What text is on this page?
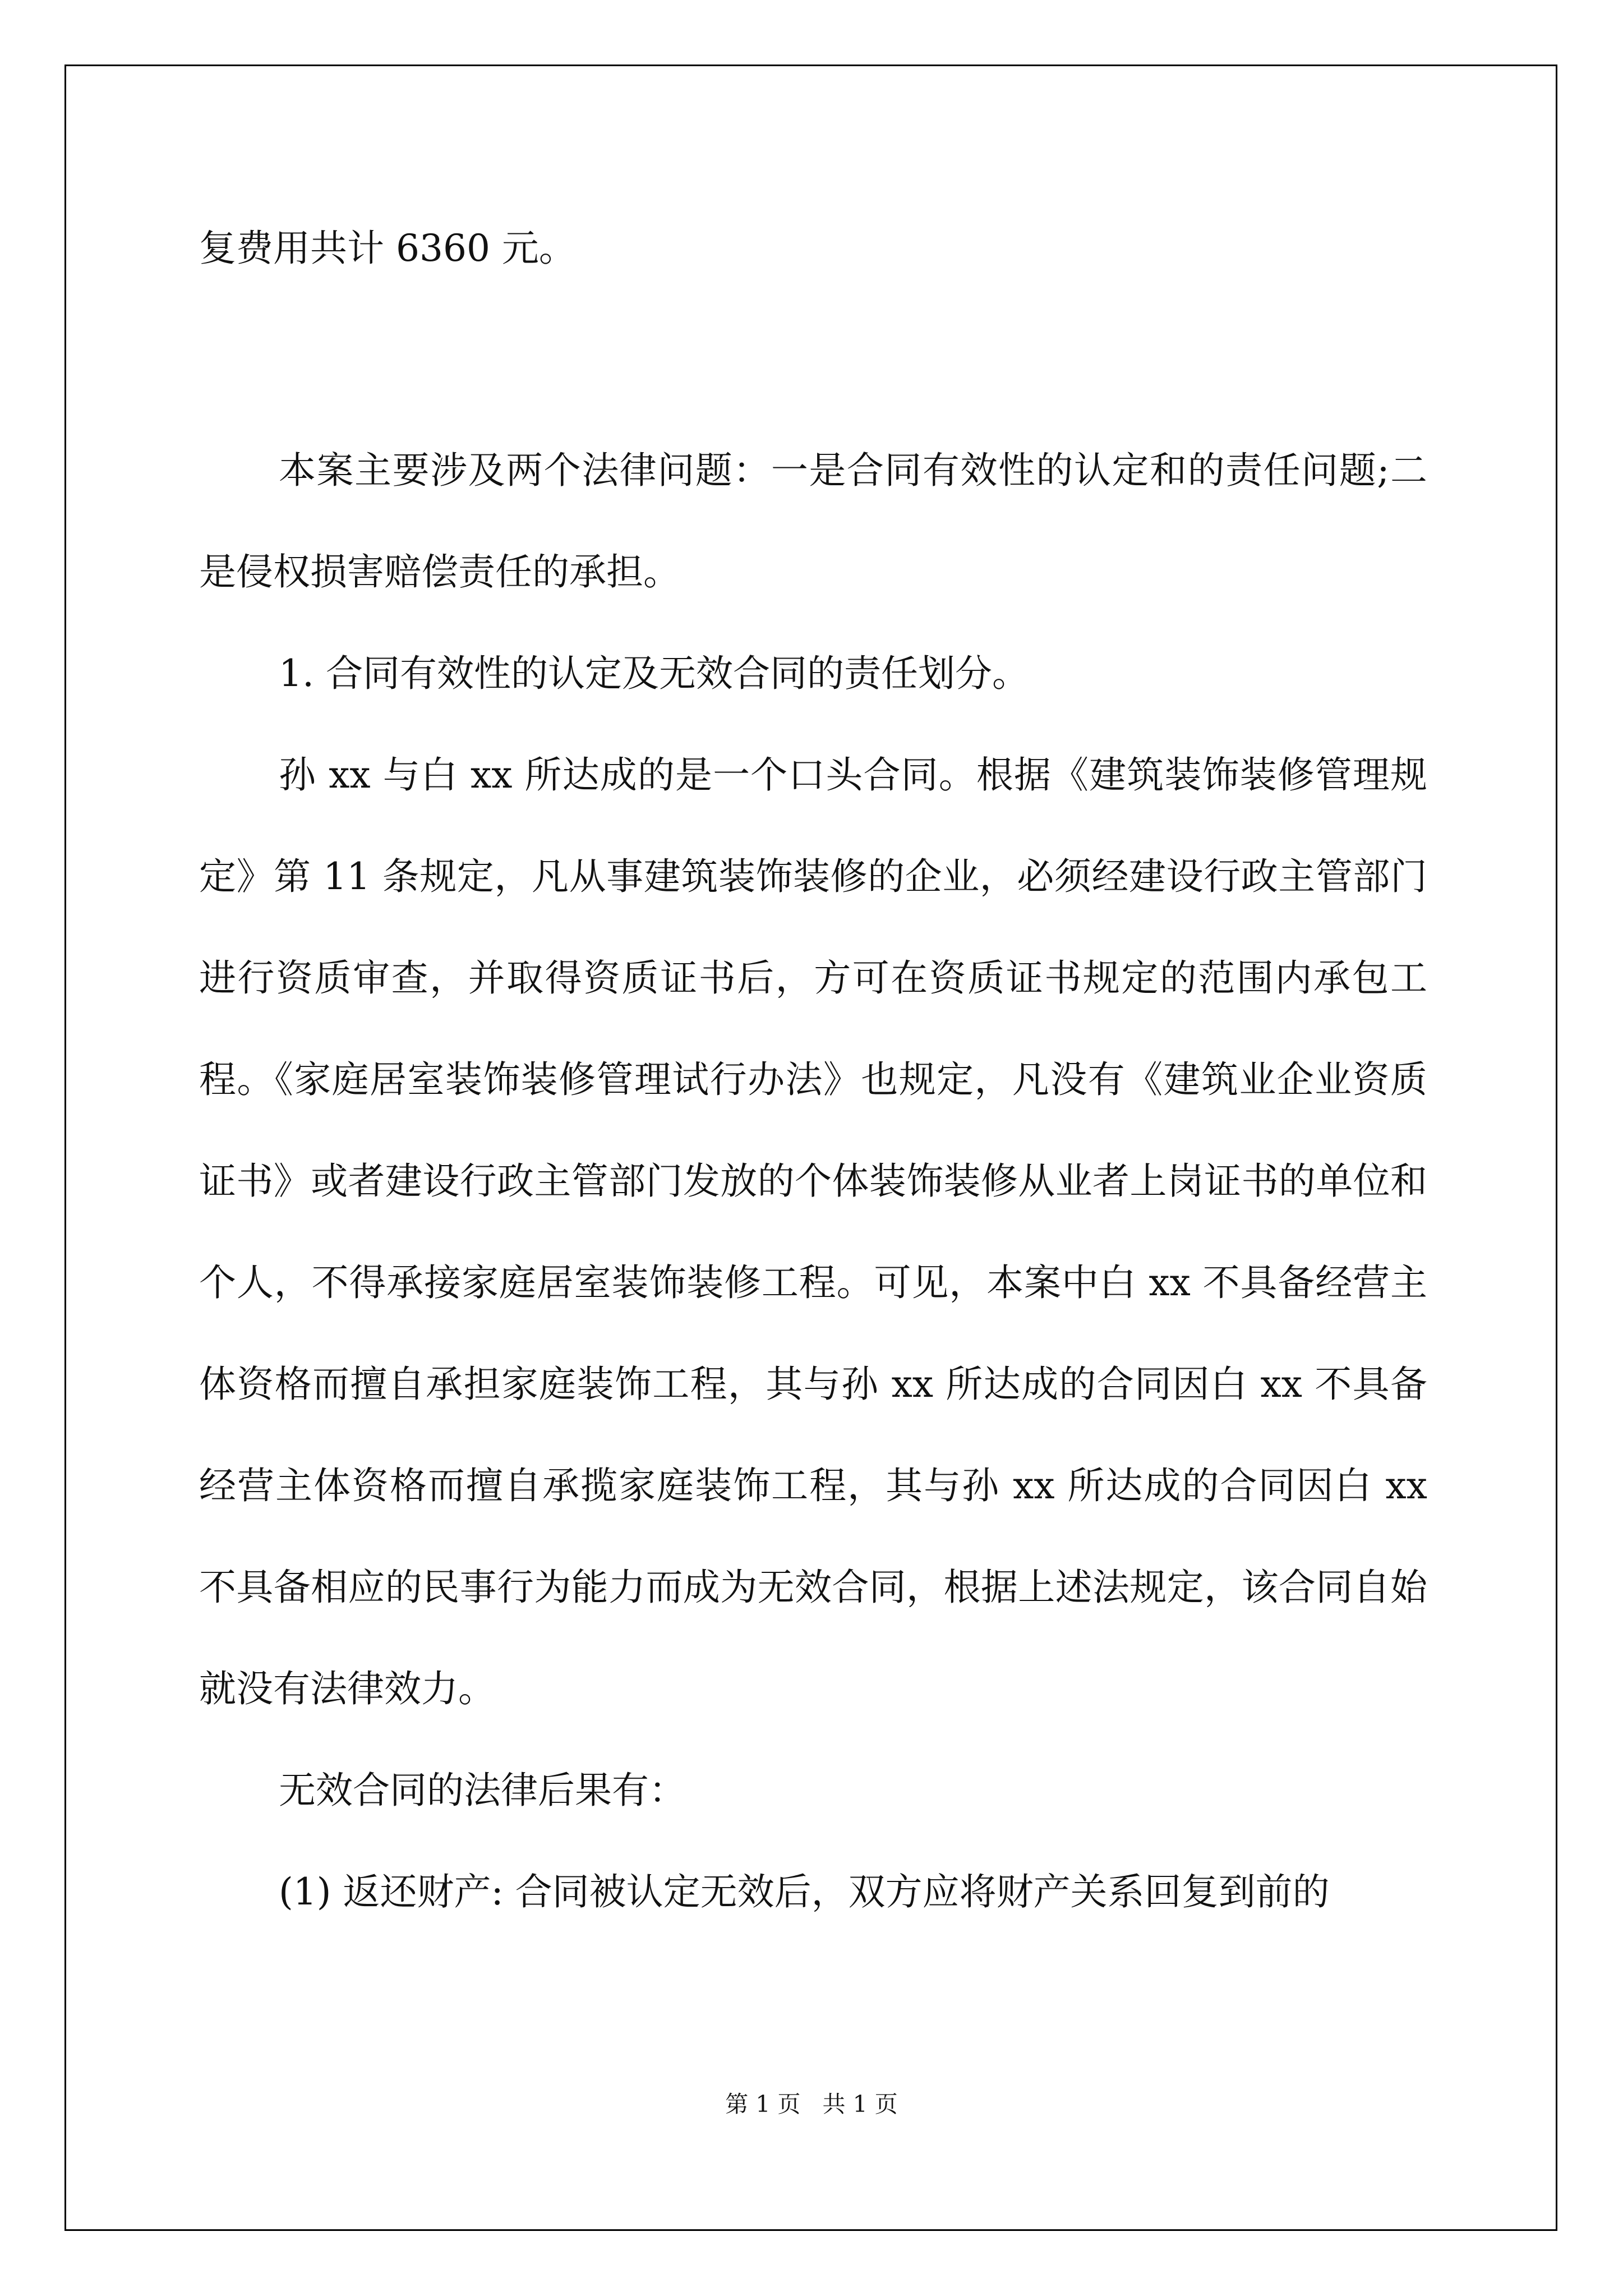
复费用共计 6360 元。

本案主要涉及两个法律问题：一是合同有效性的认定和的责任问题;二是侵权损害赔偿责任的承担。

1. 合同有效性的认定及无效合同的责任划分。

孙 xx 与白 xx 所达成的是一个口头合同。根据《建筑装饰装修管理规定》第 11 条规定，凡从事建筑装饰装修的企业，必须经建设行政主管部门进行资质审查，并取得资质证书后，方可在资质证书规定的范围内承包工程。《家庭居室装饰装修管理试行办法》也规定，凡没有《建筑业企业资质证书》或者建设行政主管部门发放的个体装饰装修从业者上岗证书的单位和个人，不得承接家庭居室装饰装修工程。可见，本案中白 xx 不具备经营主体资格而擅自承担家庭装饰工程，其与孙 xx 所达成的合同因白 xx 不具备经营主体资格而擅自承揽家庭装饰工程，其与孙 xx 所达成的合同因白 xx 不具备相应的民事行为能力而成为无效合同，根据上述法规定，该合同自始就没有法律效力。

无效合同的法律后果有：

(1) 返还财产: 合同被认定无效后，双方应将财产关系回复到前的

第 1 页   共 1 页
